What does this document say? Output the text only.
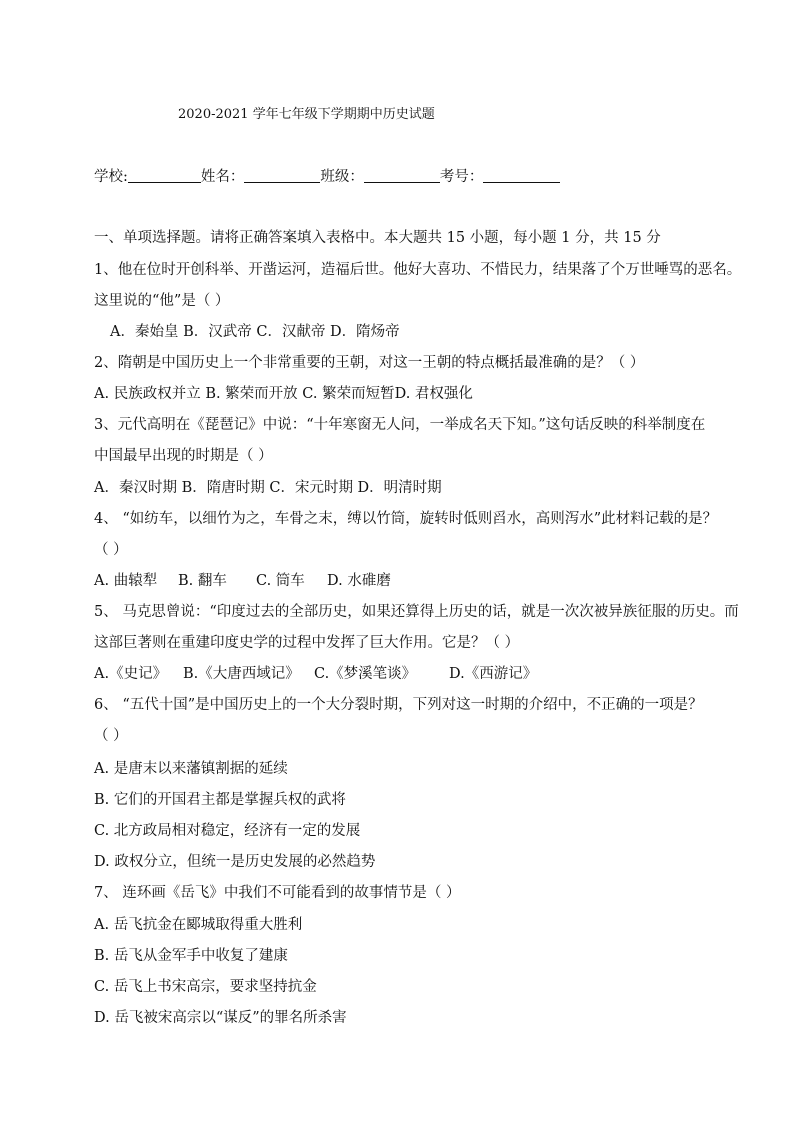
2020-2021 学年七年级下学期期中历史试题
学校:	姓名：	班级：	考号：
一、单项选择题。请将正确答案填入表格中。本大题共 15 小题，每小题 1 分，共 15 分
1、他在位时开创科举、开凿运河，造福后世。他好大喜功、不惜民力，结果落了个万世唾骂的恶名。
这里说的“他”是（ ）
A．秦始皇 B．汉武帝 C．汉献帝 D．隋炀帝
2、隋朝是中国历史上一个非常重要的王朝，对这一王朝的特点概括最准确的是？（ ）
A. 民族政权并立 B. 繁荣而开放 C. 繁荣而短暂D. 君权强化
3、元代高明在《琵琶记》中说：“十年寒窗无人问，一举成名天下知。”这句话反映的科举制度在
中国最早出现的时期是（ ）
A．秦汉时期 B．隋唐时期 C．宋元时期 D．明清时期
4、 “如纺车，以细竹为之，车骨之末，缚以竹筒，旋转时低则舀水，高则泻水”此材料记载的是？
（ ）
A. 曲辕犁 B. 翻车 C. 筒车 D. 水碓磨
5、 马克思曾说：“印度过去的全部历史，如果还算得上历史的话，就是一次次被异族征服的历史。而
这部巨著则在重建印度史学的过程中发挥了巨大作用。它是？（ ）
A.《史记》 B.《大唐西域记》 C.《梦溪笔谈》 D.《西游记》
6、 “五代十国”是中国历史上的一个大分裂时期，下列对这一时期的介绍中，不正确的一项是？
（ ）
A. 是唐末以来藩镇割据的延续
B. 它们的开国君主都是掌握兵权的武将
C. 北方政局相对稳定，经济有一定的发展
D. 政权分立，但统一是历史发展的必然趋势
7、 连环画《岳飞》中我们不可能看到的故事情节是（ ）
A. 岳飞抗金在郾城取得重大胜利
B. 岳飞从金军手中收复了建康
C. 岳飞上书宋高宗，要求坚持抗金
D. 岳飞被宋高宗以“谋反”的罪名所杀害
